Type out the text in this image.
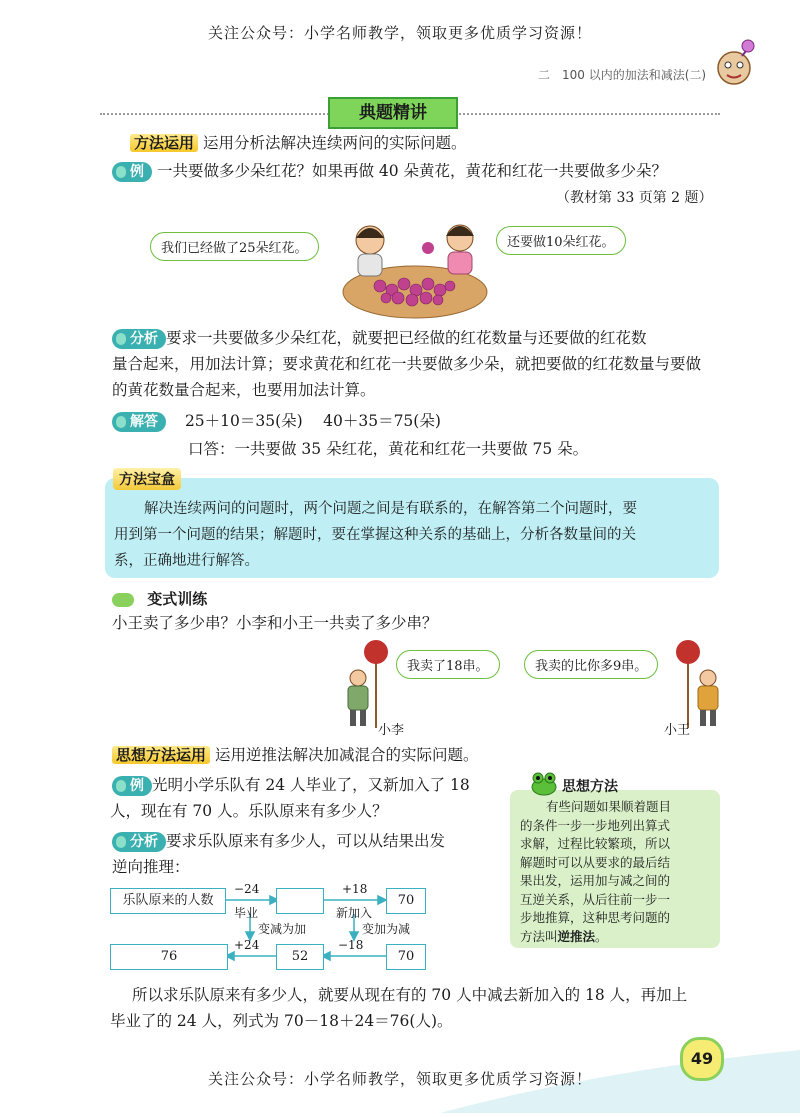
关注公众号：小学名师教学，领取更多优质学习资源！
二　100 以内的加法和减法(二)
典题精讲
方法运用 运用分析法解决连续两问的实际问题。
例 一共要做多少朵红花？如果再做 40 朵黄花，黄花和红花一共要做多少朵？
（教材第 33 页第 2 题）
我们已经做了25朵红花。	还要做10朵红花。
分析 要求一共要做多少朵红花，就要把已经做的红花数量与还要做的红花数
量合起来，用加法计算；要求黄花和红花一共要做多少朵，就把要做的红花数量与要做
的黄花数量合起来，也要用加法计算。
解答 25＋10＝35(朵)　 40＋35＝75(朵)
口答：一共要做 35 朵红花，黄花和红花一共要做 75 朵。
方法宝盒
解决连续两问的问题时，两个问题之间是有联系的，在解答第二个问题时，要
用到第一个问题的结果；解题时，要在掌握这种关系的基础上，分析各数量间的关
系，正确地进行解答。
变式训练
小王卖了多少串？小李和小王一共卖了多少串？
我卖了18串。	我卖的比你多9串。
小李	小王
思想方法运用 运用逆推法解决加减混合的实际问题。
例 光明小学乐队有 24 人毕业了，又新加入了 18
人，现在有 70 人。乐队原来有多少人？
分析 要求乐队原来有多少人，可以从结果出发
逆向推理：
乐队原来的人数	70
−24
毕业
+18
新加入
变减为加	变加为减
76
+24
52
−18
70
思想方法
有些问题如果顺着题目
的条件一步一步地列出算式
求解，过程比较繁琐，所以
解题时可以从要求的最后结
果出发，运用加与减之间的
互逆关系，从后往前一步一
步地推算，这种思考问题的
方法叫逆推法。
所以求乐队原来有多少人，就要从现在有的 70 人中减去新加入的 18 人，再加上
毕业了的 24 人，列式为 70－18＋24＝76(人)。
49
关注公众号：小学名师教学，领取更多优质学习资源！
